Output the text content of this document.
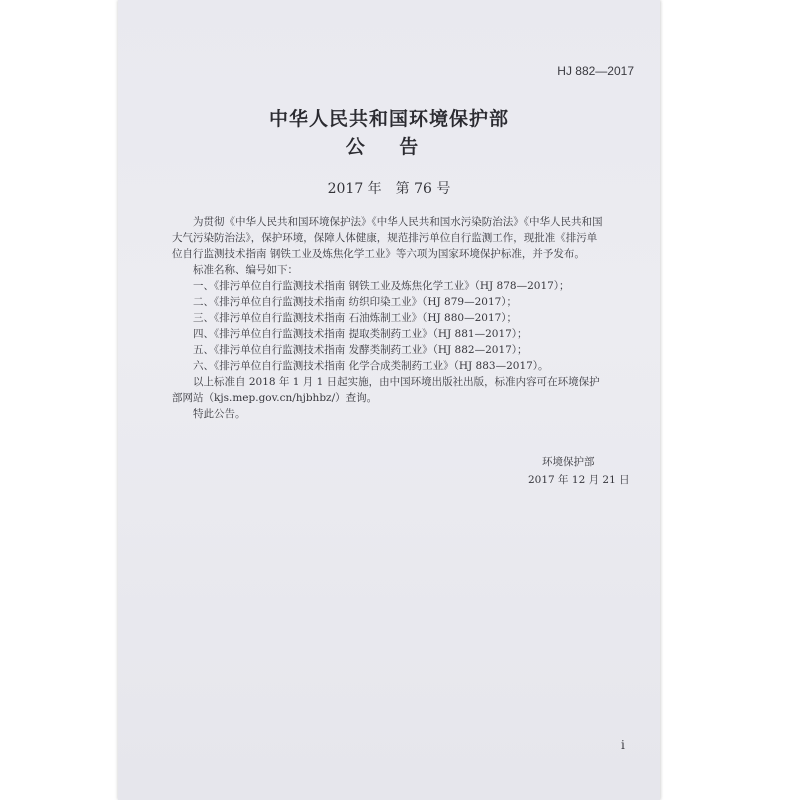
HJ 882—2017
中华人民共和国环境保护部
公 告
2017 年　第 76 号

为贯彻《中华人民共和国环境保护法》《中华人民共和国水污染防治法》《中华人民共和国大气污染防治法》，保护环境，保障人体健康，规范排污单位自行监测工作，现批准《排污单位自行监测技术指南 钢铁工业及炼焦化学工业》等六项为国家环境保护标准，并予发布。

标准名称、编号如下：

一、《排污单位自行监测技术指南 钢铁工业及炼焦化学工业》（HJ 878—2017）；
二、《排污单位自行监测技术指南 纺织印染工业》（HJ 879—2017）；
三、《排污单位自行监测技术指南 石油炼制工业》（HJ 880—2017）；
四、《排污单位自行监测技术指南 提取类制药工业》（HJ 881—2017）；
五、《排污单位自行监测技术指南 发酵类制药工业》（HJ 882—2017）；
六、《排污单位自行监测技术指南 化学合成类制药工业》（HJ 883—2017）。

以上标准自 2018 年 1 月 1 日起实施，由中国环境出版社出版，标准内容可在环境保护部网站（kjs.mep.gov.cn/hjbhbz/）查询。

特此公告。

环境保护部
2017 年 12 月 21 日
i
